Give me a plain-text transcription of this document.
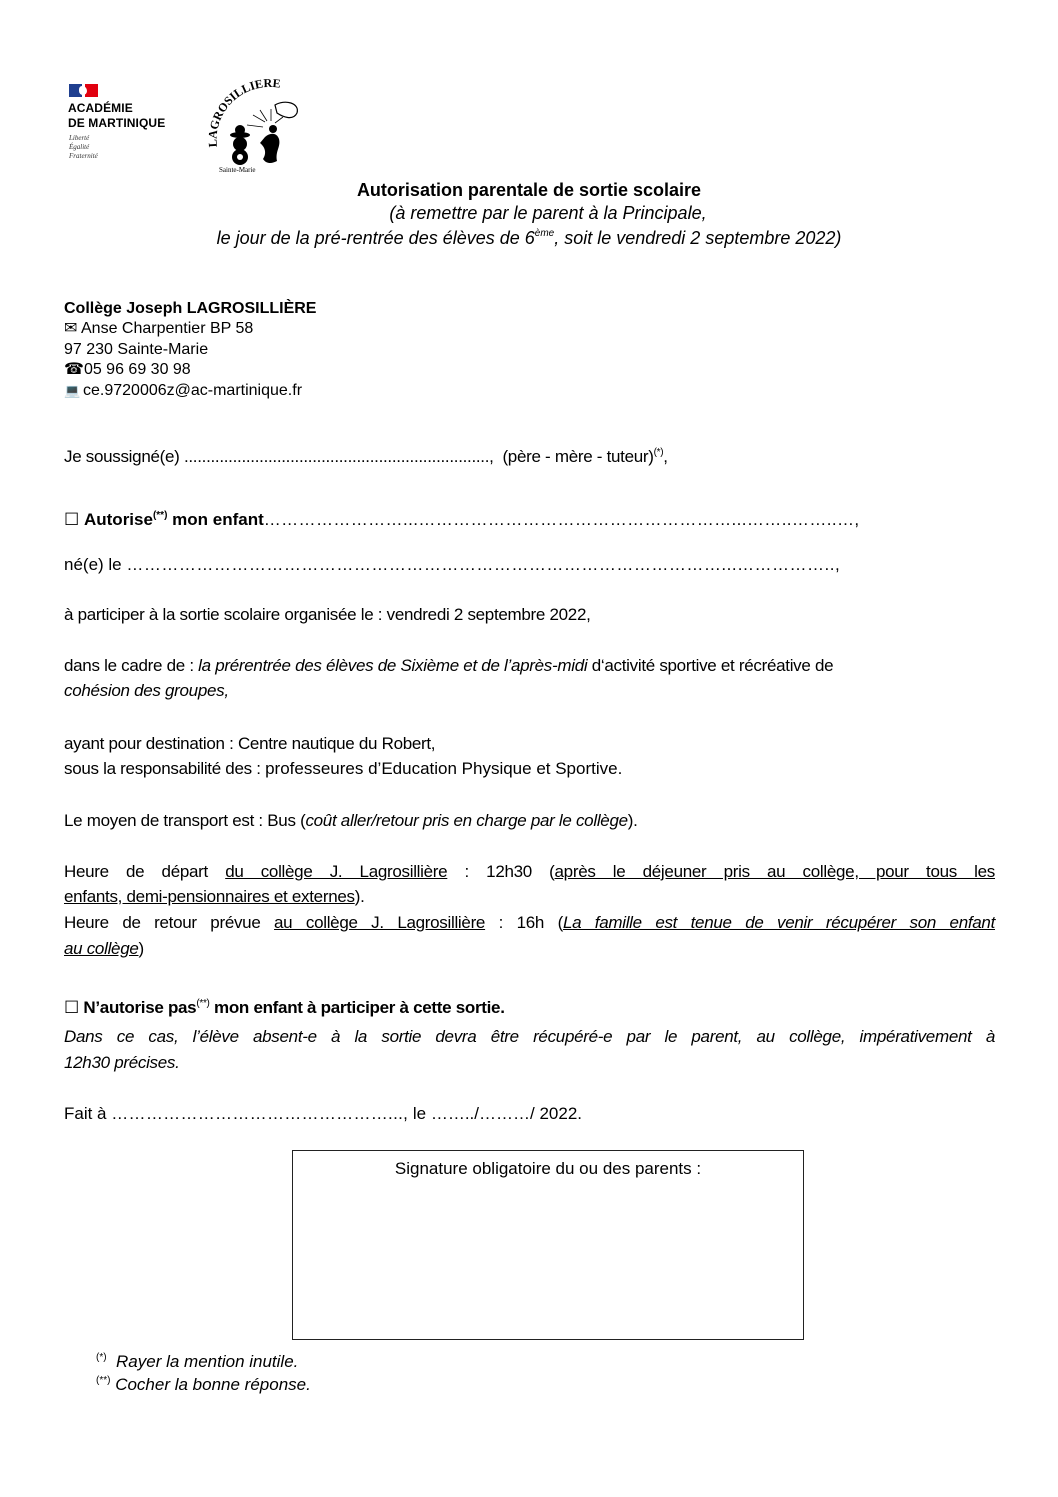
ACADÉMIE
DE MARTINIQUE
Liberté
Égalité
Fraternité
LAGROSILLIERE
Sainte-Marie
Autorisation parentale de sortie scolaire
(à remettre par le parent à la Principale,
le jour de la pré-rentrée des élèves de 6ème, soit le vendredi 2 septembre 2022)
Collège Joseph LAGROSILLIÈRE
✉ Anse Charpentier BP 58
97 230 Sainte-Marie
☎05 96 69 30 98
💻 ce.9720006z@ac-martinique.fr
Je soussigné(e) ....................................................................., (père - mère - tuteur)(*),
☐ Autorise(**) mon enfant……………………...………………………………………………...……..……..…,
né(e) le …………………………………………………………………………………………...……………..,
à participer à la sortie scolaire organisée le : vendredi 2 septembre 2022,
dans le cadre de : la prérentrée des élèves de Sixième et de l’après-midi d‘activité sportive et récréative de
cohésion des groupes,
ayant pour destination : Centre nautique du Robert,
sous la responsabilité des : professeures d’Education Physique et Sportive.
Le moyen de transport est : Bus (coût aller/retour pris en charge par le collège).
Heure de départ du collège J. Lagrosillière : 12h30 (après le déjeuner pris au collège, pour tous les
enfants, demi-pensionnaires et externes).
Heure de retour prévue au collège J. Lagrosillière : 16h (La famille est tenue de venir récupérer son enfant
au collège)
☐ N’autorise pas(**) mon enfant à participer à cette sortie.
Dans ce cas, l’élève absent-e à la sortie devra être récupéré-e par le parent, au collège, impérativement à
12h30 précises.
Fait à …………………………………………..., le ……../………/ 2022.
Signature obligatoire du ou des parents :
(*) Rayer la mention inutile.
(**) Cocher la bonne réponse.
